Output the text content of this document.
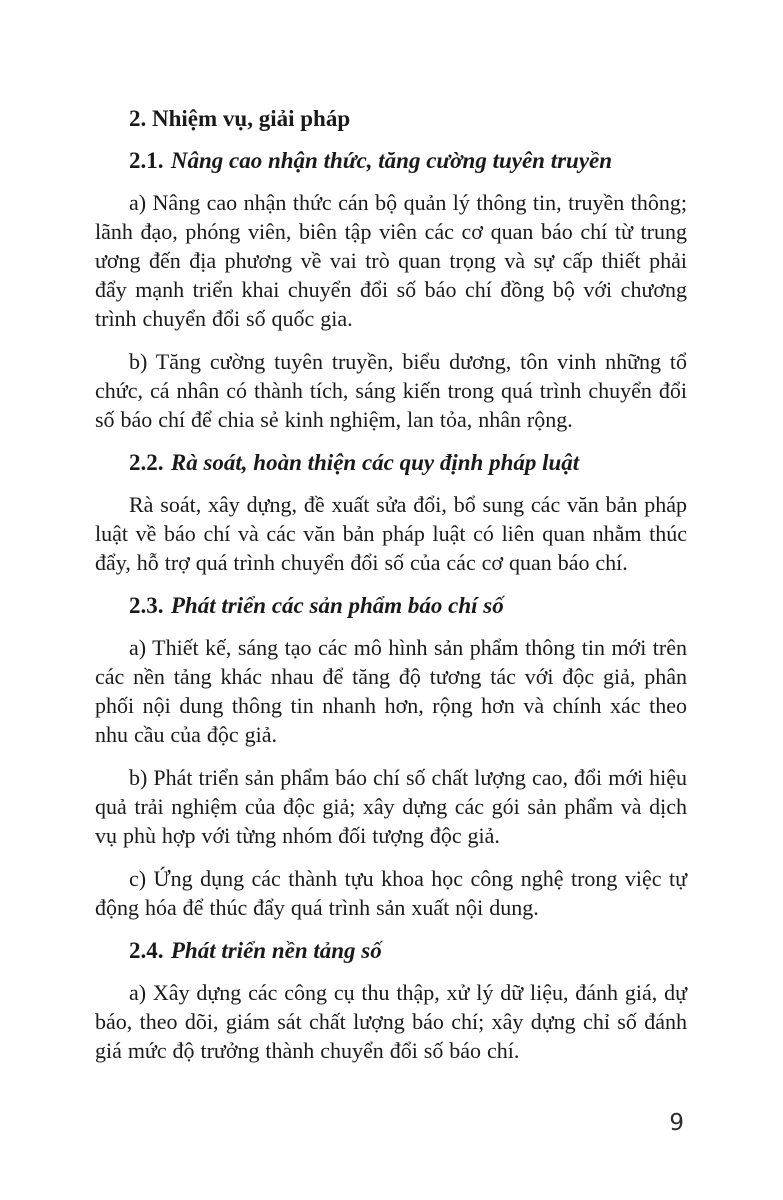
2. Nhiệm vụ, giải pháp
2.1. Nâng cao nhận thức, tăng cường tuyên truyền

a) Nâng cao nhận thức cán bộ quản lý thông tin, truyền thông; lãnh đạo, phóng viên, biên tập viên các cơ quan báo chí từ trung ương đến địa phương về vai trò quan trọng và sự cấp thiết phải đẩy mạnh triển khai chuyển đổi số báo chí đồng bộ với chương trình chuyển đổi số quốc gia.

b) Tăng cường tuyên truyền, biểu dương, tôn vinh những tổ chức, cá nhân có thành tích, sáng kiến trong quá trình chuyển đổi số báo chí để chia sẻ kinh nghiệm, lan tỏa, nhân rộng.

2.2. Rà soát, hoàn thiện các quy định pháp luật

Rà soát, xây dựng, đề xuất sửa đổi, bổ sung các văn bản pháp luật về báo chí và các văn bản pháp luật có liên quan nhằm thúc đẩy, hỗ trợ quá trình chuyển đổi số của các cơ quan báo chí.

2.3. Phát triển các sản phẩm báo chí số

a) Thiết kế, sáng tạo các mô hình sản phẩm thông tin mới trên các nền tảng khác nhau để tăng độ tương tác với độc giả, phân phối nội dung thông tin nhanh hơn, rộng hơn và chính xác theo nhu cầu của độc giả.

b) Phát triển sản phẩm báo chí số chất lượng cao, đổi mới hiệu quả trải nghiệm của độc giả; xây dựng các gói sản phẩm và dịch vụ phù hợp với từng nhóm đối tượng độc giả.

c) Ứng dụng các thành tựu khoa học công nghệ trong việc tự động hóa để thúc đẩy quá trình sản xuất nội dung.

2.4. Phát triển nền tảng số

a) Xây dựng các công cụ thu thập, xử lý dữ liệu, đánh giá, dự báo, theo dõi, giám sát chất lượng báo chí; xây dựng chỉ số đánh giá mức độ trưởng thành chuyển đổi số báo chí.

9
